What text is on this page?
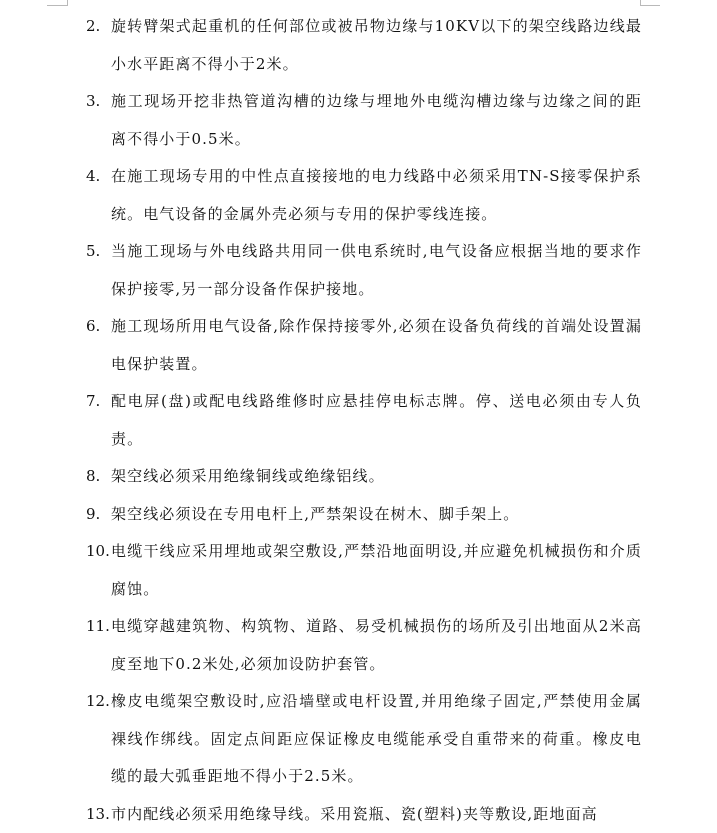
2. 旋转臂架式起重机的任何部位或被吊物边缘与10KV以下的架空线路边线最小水平距离不得小于2米。
3. 施工现场开挖非热管道沟槽的边缘与埋地外电缆沟槽边缘与边缘之间的距离不得小于0.5米。
4. 在施工现场专用的中性点直接接地的电力线路中必须采用TN-S接零保护系统。电气设备的金属外壳必须与专用的保护零线连接。
5. 当施工现场与外电线路共用同一供电系统时,电气设备应根据当地的要求作保护接零,另一部分设备作保护接地。
6. 施工现场所用电气设备,除作保持接零外,必须在设备负荷线的首端处设置漏电保护装置。
7. 配电屏(盘)或配电线路维修时应悬挂停电标志牌。停、送电必须由专人负责。
8. 架空线必须采用绝缘铜线或绝缘铝线。
9. 架空线必须设在专用电杆上,严禁架设在树木、脚手架上。
10. 电缆干线应采用埋地或架空敷设,严禁沿地面明设,并应避免机械损伤和介质腐蚀。
11. 电缆穿越建筑物、构筑物、道路、易受机械损伤的场所及引出地面从2米高度至地下0.2米处,必须加设防护套管。
12. 橡皮电缆架空敷设时,应沿墙壁或电杆设置,并用绝缘子固定,严禁使用金属裸线作绑线。固定点间距应保证橡皮电缆能承受自重带来的荷重。橡皮电缆的最大弧垂距地不得小于2.5米。
13. 市内配线必须采用绝缘导线。采用瓷瓶、瓷(塑料)夹等敷设,距地面高
